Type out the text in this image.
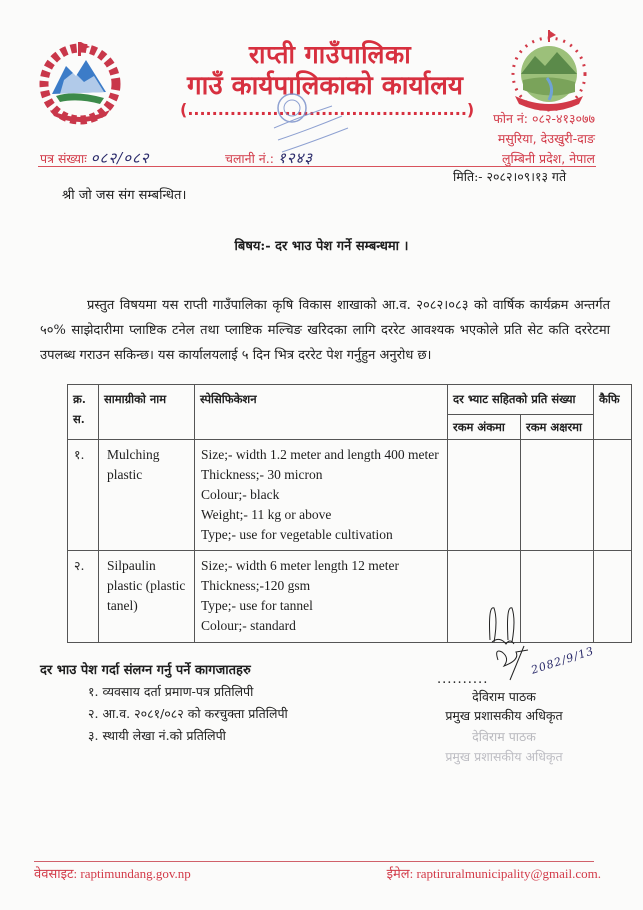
राप्ती गाउँपालिका
गाउँ कार्यपालिकाको कार्यालय
(..............................................) फोन नं: ०८२-४१३०७७
मसुरिया, देउखुरी-दाङ
लुम्बिनी प्रदेश, नेपाल
पत्र संख्याः ०८२/०८२	चलानी नं.: १२४३
मिति:- २०८२।०९।१३ गते
श्री जो जस संग सम्बन्धित।
बिषय:- दर भाउ पेश गर्ने सम्बन्धमा ।
प्रस्तुत विषयमा यस राप्ती गाउँपालिका कृषि विकास शाखाको आ.व. २०८२।०८३ को वार्षिक कार्यक्रम अन्तर्गत ५०% साझेदारीमा प्लाष्टिक टनेल तथा प्लाष्टिक मल्चिङ खरिदका लागि दररेट आवश्यक भएकोले प्रति सेट कति दररेटमा उपलब्ध गराउन सकिन्छ। यस कार्यालयलाई ५ दिन भित्र दररेट पेश गर्नुहुन अनुरोध छ।
क्र. स.	सामाग्रीको नाम	स्पेसिफिकेशन	दर भ्याट सहितको प्रति संख्या		कैफि
			रकम अंकमा	रकम अक्षरमा	
१.	Mulching plastic	Size;- width 1.2 meter and length 400 meter
Thickness;- 30 micron
Colour;- black
Weight;- 11 kg or above
Type;- use for vegetable cultivation			

२.	Silpaulin plastic (plastic tanel)	Size;- width 6 meter length 12 meter
Thickness;-120 gsm
Type;- use for tannel
Colour;- standard			

दर भाउ पेश गर्दा संलग्न गर्नु पर्ने कागजातहरु
१. व्यवसाय दर्ता प्रमाण-पत्र प्रतिलिपी
२. आ.व. २०८१/०८२ को करचुक्ता प्रतिलिपी
३. स्थायी लेखा नं.को प्रतिलिपी
2082/9/13
..........
देविराम पाठक
प्रमुख प्रशासकीय अधिकृत
देविराम पाठक
प्रमुख प्रशासकीय अधिकृत
वेवसाइट: raptimundang.gov.np	ईमेल: raptiruralmunicipality@gmail.com.
